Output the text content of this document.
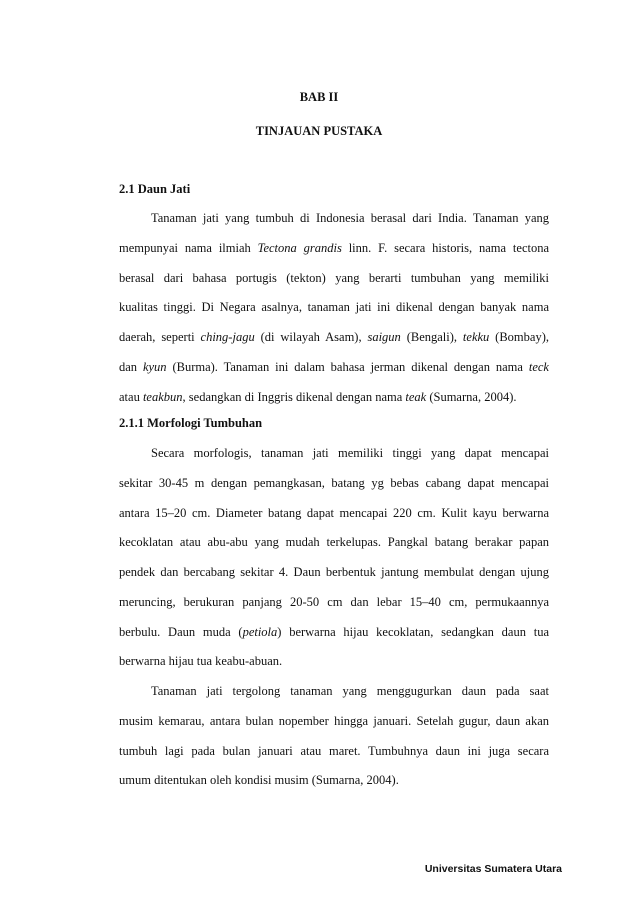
BAB II
TINJAUAN PUSTAKA
2.1 Daun Jati
Tanaman jati yang tumbuh di Indonesia berasal dari India. Tanaman yang
mempunyai nama ilmiah Tectona grandis linn. F. secara historis, nama tectona
berasal dari bahasa portugis (tekton) yang berarti tumbuhan yang memiliki
kualitas tinggi. Di Negara asalnya, tanaman jati ini dikenal dengan banyak nama
daerah, seperti ching-jagu (di wilayah Asam), saigun (Bengali), tekku (Bombay),
dan kyun (Burma). Tanaman ini dalam bahasa jerman dikenal dengan nama teck
atau teakbun, sedangkan di Inggris dikenal dengan nama teak (Sumarna, 2004).
2.1.1 Morfologi Tumbuhan
Secara morfologis, tanaman jati memiliki tinggi yang dapat mencapai
sekitar 30-45 m dengan pemangkasan, batang yg bebas cabang dapat mencapai
antara 15–20 cm. Diameter batang dapat mencapai 220 cm. Kulit kayu berwarna
kecoklatan atau abu-abu yang mudah terkelupas. Pangkal batang berakar papan
pendek dan bercabang sekitar 4. Daun berbentuk jantung membulat dengan ujung
meruncing, berukuran panjang 20-50 cm dan lebar 15–40 cm, permukaannya
berbulu. Daun muda (petiola) berwarna hijau kecoklatan, sedangkan daun tua
berwarna hijau tua keabu-abuan.
Tanaman jati tergolong tanaman yang menggugurkan daun pada saat
musim kemarau, antara bulan nopember hingga januari. Setelah gugur, daun akan
tumbuh lagi pada bulan januari atau maret. Tumbuhnya daun ini juga secara
umum ditentukan oleh kondisi musim (Sumarna, 2004).
Universitas Sumatera Utara
